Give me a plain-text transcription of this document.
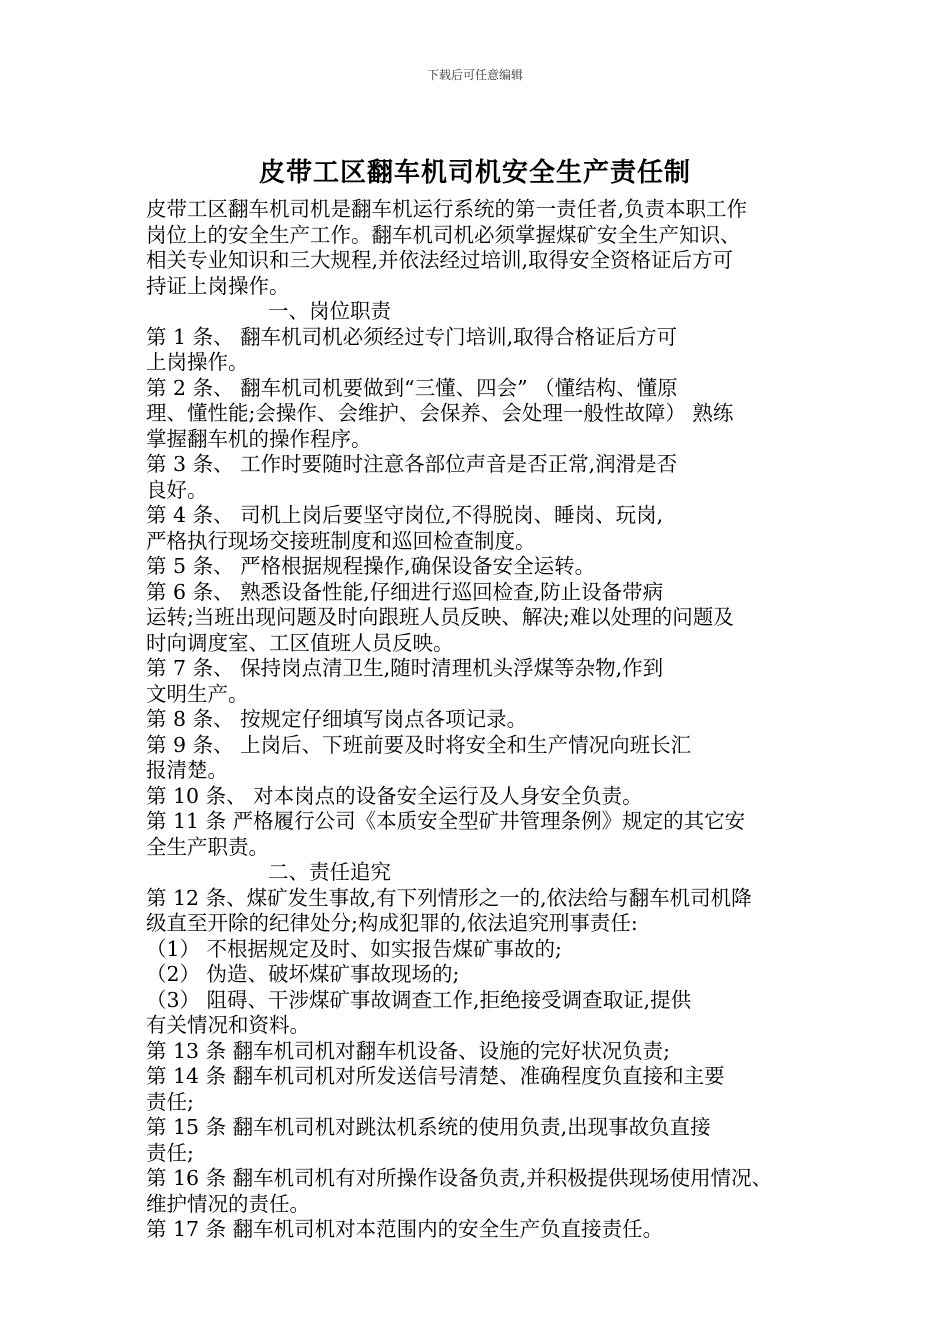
下载后可任意编辑
皮带工区翻车机司机安全生产责任制
皮带工区翻车机司机是翻车机运行系统的第一责任者,负责本职工作
岗位上的安全生产工作。翻车机司机必须掌握煤矿安全生产知识、
相关专业知识和三大规程,并依法经过培训,取得安全资格证后方可
持证上岗操作。
一、岗位职责
第 1 条、 翻车机司机必须经过专门培训,取得合格证后方可
上岗操作。
第 2 条、 翻车机司机要做到“三懂、四会” （懂结构、懂原
理、懂性能;会操作、会维护、会保养、会处理一般性故障） 熟练
掌握翻车机的操作程序。
第 3 条、 工作时要随时注意各部位声音是否正常,润滑是否
良好。
第 4 条、 司机上岗后要坚守岗位,不得脱岗、睡岗、玩岗,
严格执行现场交接班制度和巡回检查制度。
第 5 条、 严格根据规程操作,确保设备安全运转。
第 6 条、 熟悉设备性能,仔细进行巡回检查,防止设备带病
运转;当班出现问题及时向跟班人员反映、解决;难以处理的问题及
时向调度室、工区值班人员反映。
第 7 条、 保持岗点清卫生,随时清理机头浮煤等杂物,作到
文明生产。
第 8 条、 按规定仔细填写岗点各项记录。
第 9 条、 上岗后、下班前要及时将安全和生产情况向班长汇
报清楚。
第 10 条、 对本岗点的设备安全运行及人身安全负责。
第 11 条 严格履行公司《本质安全型矿井管理条例》规定的其它安
全生产职责。
二、责任追究
第 12 条、煤矿发生事故,有下列情形之一的,依法给与翻车机司机降
级直至开除的纪律处分;构成犯罪的,依法追究刑事责任:
（1） 不根据规定及时、如实报告煤矿事故的;
（2） 伪造、破坏煤矿事故现场的;
（3） 阻碍、干涉煤矿事故调查工作,拒绝接受调查取证,提供
有关情况和资料。
第 13 条 翻车机司机对翻车机设备、设施的完好状况负责;
第 14 条 翻车机司机对所发送信号清楚、准确程度负直接和主要
责任;
第 15 条 翻车机司机对跳汰机系统的使用负责,出现事故负直接
责任;
第 16 条 翻车机司机有对所操作设备负责,并积极提供现场使用情况、
维护情况的责任。
第 17 条 翻车机司机对本范围内的安全生产负直接责任。
